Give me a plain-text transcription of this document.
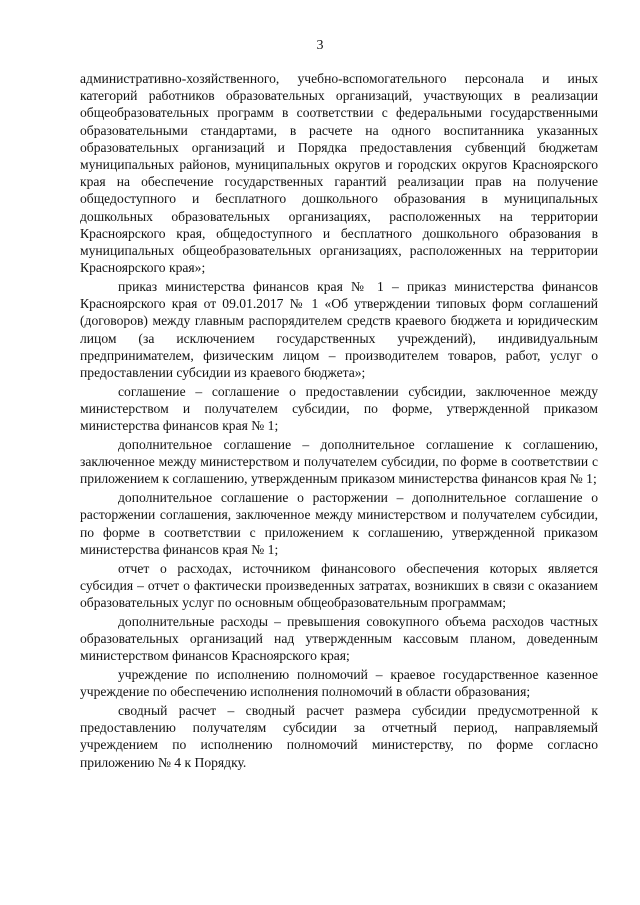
3

административно-хозяйственного, учебно-вспомогательного персонала и иных категорий работников образовательных организаций, участвующих в реализации общеобразовательных программ в соответствии с федеральными государственными образовательными стандартами, в расчете на одного воспитанника указанных образовательных организаций и Порядка предоставления субвенций бюджетам муниципальных районов, муниципальных округов и городских округов Красноярского края на обеспечение государственных гарантий реализации прав на получение общедоступного и бесплатного дошкольного образования в муниципальных дошкольных образовательных организациях, расположенных на территории Красноярского края, общедоступного и бесплатного дошкольного образования в муниципальных общеобразовательных организациях, расположенных на территории Красноярского края»;

приказ министерства финансов края № 1 – приказ министерства финансов Красноярского края от 09.01.2017 № 1 «Об утверждении типовых форм соглашений (договоров) между главным распорядителем средств краевого бюджета и юридическим лицом (за исключением государственных учреждений), индивидуальным предпринимателем, физическим лицом – производителем товаров, работ, услуг о предоставлении субсидии из краевого бюджета»;

соглашение – соглашение о предоставлении субсидии, заключенное между министерством и получателем субсидии, по форме, утвержденной приказом министерства финансов края № 1;

дополнительное соглашение – дополнительное соглашение к соглашению, заключенное между министерством и получателем субсидии, по форме в соответствии с приложением к соглашению, утвержденным приказом министерства финансов края № 1;

дополнительное соглашение о расторжении – дополнительное соглашение о расторжении соглашения, заключенное между министерством и получателем субсидии, по форме в соответствии с приложением к соглашению, утвержденной приказом министерства финансов края № 1;

отчет о расходах, источником финансового обеспечения которых является субсидия – отчет о фактически произведенных затратах, возникших в связи с оказанием образовательных услуг по основным общеобразовательным программам;

дополнительные расходы – превышения совокупного объема расходов частных образовательных организаций над утвержденным кассовым планом, доведенным министерством финансов Красноярского края;

учреждение по исполнению полномочий – краевое государственное казенное учреждение по обеспечению исполнения полномочий в области образования;

сводный расчет – сводный расчет размера субсидии предусмотренной к предоставлению получателям субсидии за отчетный период, направляемый учреждением по исполнению полномочий министерству, по форме согласно приложению № 4 к Порядку.
